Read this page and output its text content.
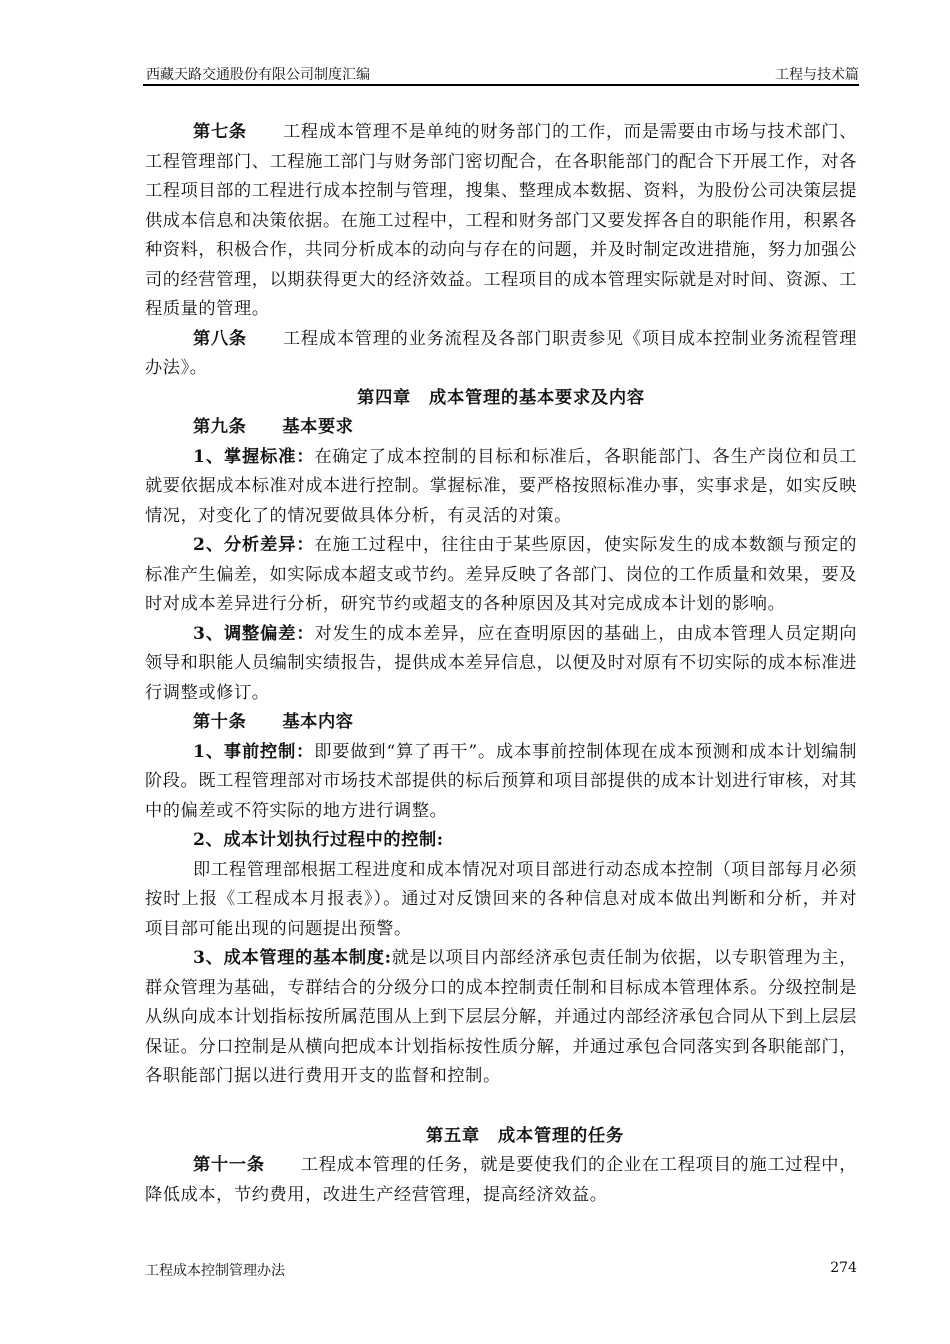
西藏天路交通股份有限公司制度汇编	工程与技术篇

第七条 工程成本管理不是单纯的财务部门的工作，而是需要由市场与技术部门、工程管理部门、工程施工部门与财务部门密切配合，在各职能部门的配合下开展工作，对各工程项目部的工程进行成本控制与管理，搜集、整理成本数据、资料，为股份公司决策层提供成本信息和决策依据。在施工过程中，工程和财务部门又要发挥各自的职能作用，积累各种资料，积极合作，共同分析成本的动向与存在的问题，并及时制定改进措施，努力加强公司的经营管理，以期获得更大的经济效益。工程项目的成本管理实际就是对时间、资源、工程质量的管理。

第八条 工程成本管理的业务流程及各部门职责参见《项目成本控制业务流程管理办法》。

第四章 成本管理的基本要求及内容

第九条 基本要求

1、掌握标准：在确定了成本控制的目标和标准后，各职能部门、各生产岗位和员工就要依据成本标准对成本进行控制。掌握标准，要严格按照标准办事，实事求是，如实反映情况，对变化了的情况要做具体分析，有灵活的对策。

2、分析差异：在施工过程中，往往由于某些原因，使实际发生的成本数额与预定的标准产生偏差，如实际成本超支或节约。差异反映了各部门、岗位的工作质量和效果，要及时对成本差异进行分析，研究节约或超支的各种原因及其对完成成本计划的影响。

3、调整偏差：对发生的成本差异，应在查明原因的基础上，由成本管理人员定期向领导和职能人员编制实绩报告，提供成本差异信息，以便及时对原有不切实际的成本标准进行调整或修订。

第十条 基本内容

1、事前控制：即要做到“算了再干”。成本事前控制体现在成本预测和成本计划编制阶段。既工程管理部对市场技术部提供的标后预算和项目部提供的成本计划进行审核，对其中的偏差或不符实际的地方进行调整。

2、成本计划执行过程中的控制:

即工程管理部根据工程进度和成本情况对项目部进行动态成本控制（项目部每月必须按时上报《工程成本月报表》）。通过对反馈回来的各种信息对成本做出判断和分析，并对项目部可能出现的问题提出预警。

3、成本管理的基本制度:就是以项目内部经济承包责任制为依据，以专职管理为主，群众管理为基础，专群结合的分级分口的成本控制责任制和目标成本管理体系。分级控制是从纵向成本计划指标按所属范围从上到下层层分解，并通过内部经济承包合同从下到上层层保证。分口控制是从横向把成本计划指标按性质分解，并通过承包合同落实到各职能部门，各职能部门据以进行费用开支的监督和控制。

第五章 成本管理的任务

第十一条 工程成本管理的任务，就是要使我们的企业在工程项目的施工过程中，降低成本，节约费用，改进生产经营管理，提高经济效益。

工程成本控制管理办法	274
